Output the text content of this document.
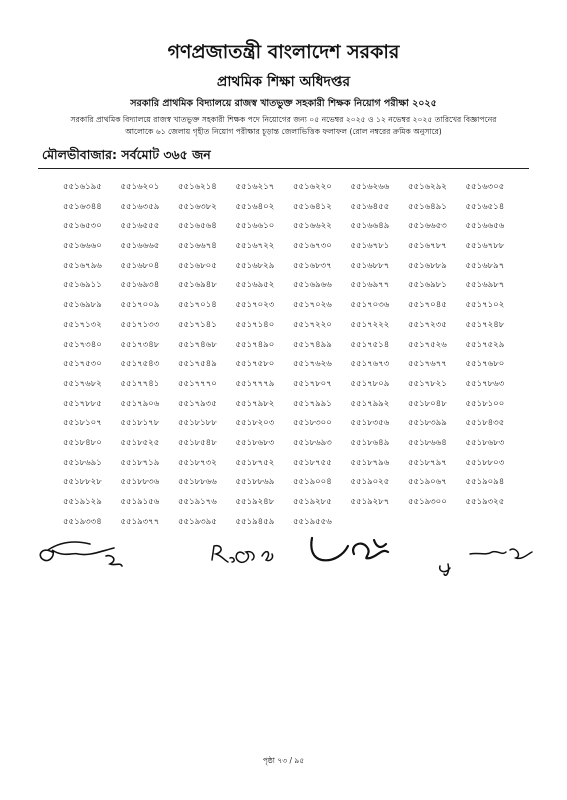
গণপ্রজাতন্ত্রী বাংলাদেশ সরকার
প্রাথমিক শিক্ষা অধিদপ্তর
সরকারি প্রাথমিক বিদ্যালয়ে রাজস্ব খাতভুক্ত সহকারী শিক্ষক নিয়োগ পরীক্ষা ২০২৫
সরকারি প্রাথমিক বিদ্যালয়ে রাজস্ব খাতভুক্ত সহকারী শিক্ষক পদে নিয়োগের জন্য ০৫ নভেম্বর ২০২৫ ও ১২ নভেম্বর ২০২৫ তারিখের বিজ্ঞাপনের
আলোকে ৬১ জেলায় গৃহীত নিয়োগ পরীক্ষার চূড়ান্ত জেলাভিত্তিক ফলাফল (রোল নম্বরের ক্রমিক অনুসারে)
মৌলভীবাজার: সর্বমোট ৩৬৫ জন
৫৫১৬১৯৫	৫৫১৬২০১	৫৫১৬২১৪	৫৫১৬২১৭	৫৫১৬২২০	৫৫১৬২৬৬	৫৫১৬২৯২	৫৫১৬৩০৫
৫৫১৬৩৪৪	৫৫১৬৩৫৯	৫৫১৬৩৮২	৫৫১৬৪০২	৫৫১৬৪১২	৫৫১৬৪৫৫	৫৫১৬৪৯১	৫৫১৬৫১৪
৫৫১৬৫৩০	৫৫১৬৫৫৫	৫৫১৬৫৬৪	৫৫১৬৬১০	৫৫১৬৬২২	৫৫১৬৬৪৯	৫৫১৬৬৫৩	৫৫১৬৬৫৬
৫৫১৬৬৬০	৫৫১৬৬৬৫	৫৫১৬৬৭৪	৫৫১৬৭২২	৫৫১৬৭৩০	৫৫১৬৭৮১	৫৫১৬৭৮৭	৫৫১৬৭৮৮
৫৫১৬৭৯৬	৫৫১৬৮০৪	৫৫১৬৮০৫	৫৫১৬৮২৯	৫৫১৬৮৩৭	৫৫১৬৮৮৭	৫৫১৬৮৮৯	৫৫১৬৮৯৭
৫৫১৬৯১১	৫৫১৬৯৩৪	৫৫১৬৯৪৮	৫৫১৬৯৫২	৫৫১৬৯৬৬	৫৫১৬৯৭৭	৫৫১৬৯৮১	৫৫১৬৯৮৭
৫৫১৬৯৮৯	৫৫১৭০০৯	৫৫১৭০১৪	৫৫১৭০২৩	৫৫১৭০২৬	৫৫১৭০৩৬	৫৫১৭০৪৫	৫৫১৭১০২
৫৫১৭১৩২	৫৫১৭১৩৩	৫৫১৭১৪১	৫৫১৭১৪০	৫৫১৭২২০	৫৫১৭২২২	৫৫১৭২৩৫	৫৫১৭২৪৮
৫৫১৭৩৪০	৫৫১৭৩৪৮	৫৫১৭৪৬৮	৫৫১৭৪৯০	৫৫১৭৪৯৯	৫৫১৭৫১৪	৫৫১৭৫২৬	৫৫১৭৫২৯
৫৫১৭৫৩০	৫৫১৭৫৪৩	৫৫১৭৫৪৯	৫৫১৭৫৮০	৫৫১৭৬২৬	৫৫১৭৬৭৩	৫৫১৭৬৭৭	৫৫১৭৬৮০
৫৫১৭৬৮২	৫৫১৭৭৪১	৫৫১৭৭৭০	৫৫১৭৭৭৯	৫৫১৭৮০৭	৫৫১৭৮০৯	৫৫১৭৮২১	৫৫১৭৮৬৩
৫৫১৭৮৮৫	৫৫১৭৯০৬	৫৫১৭৯৩৫	৫৫১৭৯৮২	৫৫১৭৯৯১	৫৫১৭৯৯২	৫৫১৮০৪৮	৫৫১৮১০০
৫৫১৮১০৭	৫৫১৮১৭৮	৫৫১৮১৮৮	৫৫১৮২০৩	৫৫১৮৩০০	৫৫১৮৩৫৬	৫৫১৮৩৯৯	৫৫১৮৪৩৫
৫৫১৮৪৮০	৫৫১৮৫২৫	৫৫১৮৫৪৮	৫৫১৮৬৮৩	৫৫১৮৬৯৩	৫৫১৮৬৪৯	৫৫১৮৬৬৪	৫৫১৮৬৮৩
৫৫১৮৬৯১	৫৫১৮৭১৯	৫৫১৮৭৩২	৫৫১৮৭৫২	৫৫১৮৭৫৫	৫৫১৮৭৯৬	৫৫১৮৭৯৭	৫৫১৮৮০৩
৫৫১৮৮২৮	৫৫১৮৮৩৬	৫৫১৮৮৬৬	৫৫১৮৮৬৯	৫৫১৯০০৪	৫৫১৯০২৫	৫৫১৯০৬৭	৫৫১৯০৯৪
৫৫১৯১২৯	৫৫১৯১৫৬	৫৫১৯১৭৬	৫৫১৯২৪৮	৫৫১৯২৮৫	৫৫১৯২৮৭	৫৫১৯৩০০	৫৫১৯৩২৫
৫৫১৯৩৩৪	৫৫১৯৩৭৭	৫৫১৯৩৯৫	৫৫১৯৪৫৯	৫৫১৯৫৫৬
পৃষ্ঠা ৭৩ / ৯৫
